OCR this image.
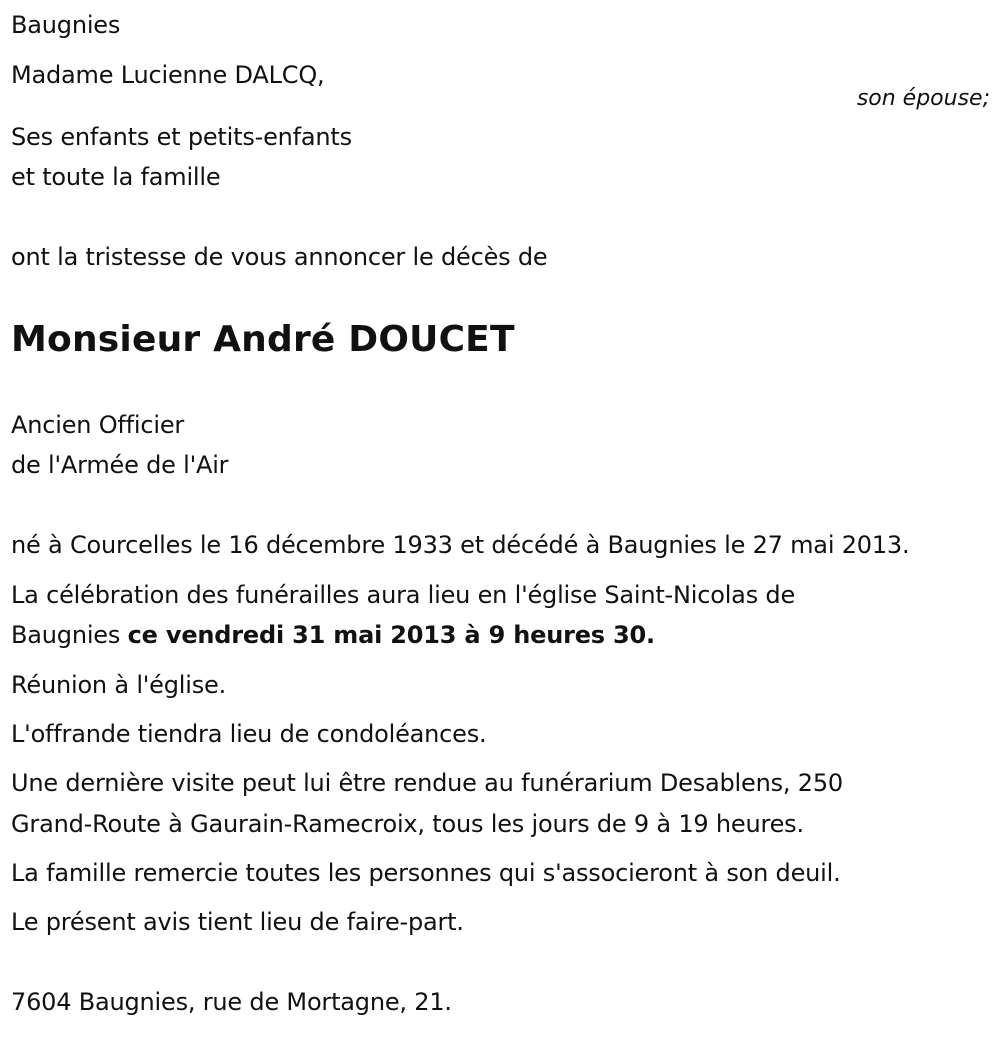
Baugnies
Madame Lucienne DALCQ,
son épouse;
Ses enfants et petits-enfants
et toute la famille
ont la tristesse de vous annoncer le décès de
Monsieur André DOUCET
Ancien Officier
de l'Armée de l'Air
né à Courcelles le 16 décembre 1933 et décédé à Baugnies le 27 mai 2013.
La célébration des funérailles aura lieu en l'église Saint-Nicolas de
Baugnies ce vendredi 31 mai 2013 à 9 heures 30.
Réunion à l'église.
L'offrande tiendra lieu de condoléances.
Une dernière visite peut lui être rendue au funérarium Desablens, 250
Grand-Route à Gaurain-Ramecroix, tous les jours de 9 à 19 heures.
La famille remercie toutes les personnes qui s'associeront à son deuil.
Le présent avis tient lieu de faire-part.
7604 Baugnies, rue de Mortagne, 21.
